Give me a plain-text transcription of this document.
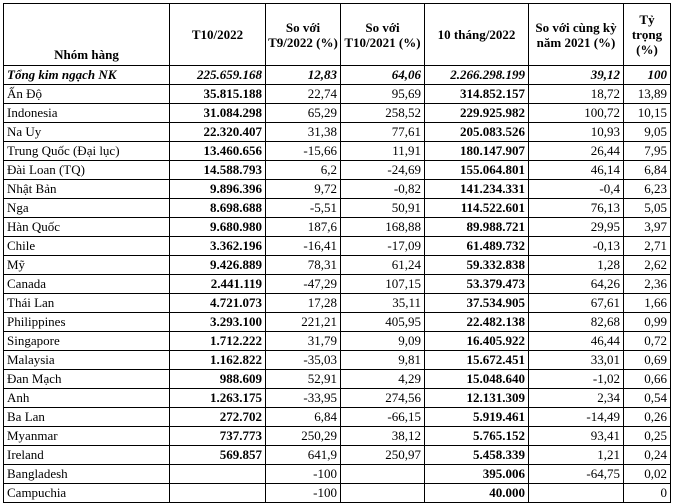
Nhóm hàng	T10/2022	So với T9/2022 (%)	So với T10/2021 (%)	10 tháng/2022	So với cùng kỳ năm 2021 (%)	Tỷ trọng (%)
Tổng kim ngạch NK	225.659.168	12,83	64,06	2.266.298.199	39,12	100
Ấn Độ	35.815.188	22,74	95,69	314.852.157	18,72	13,89
Indonesia	31.084.298	65,29	258,52	229.925.982	100,72	10,15
Na Uy	22.320.407	31,38	77,61	205.083.526	10,93	9,05
Trung Quốc (Đại lục)	13.460.656	-15,66	11,91	180.147.907	26,44	7,95
Đài Loan (TQ)	14.588.793	6,2	-24,69	155.064.801	46,14	6,84
Nhật Bản	9.896.396	9,72	-0,82	141.234.331	-0,4	6,23
Nga	8.698.688	-5,51	50,91	114.522.601	76,13	5,05
Hàn Quốc	9.680.980	187,6	168,88	89.988.721	29,95	3,97
Chile	3.362.196	-16,41	-17,09	61.489.732	-0,13	2,71
Mỹ	9.426.889	78,31	61,24	59.332.838	1,28	2,62
Canada	2.441.119	-47,29	107,15	53.379.473	64,26	2,36
Thái Lan	4.721.073	17,28	35,11	37.534.905	67,61	1,66
Philippines	3.293.100	221,21	405,95	22.482.138	82,68	0,99
Singapore	1.712.222	31,79	9,09	16.405.922	46,44	0,72
Malaysia	1.162.822	-35,03	9,81	15.672.451	33,01	0,69
Đan Mạch	988.609	52,91	4,29	15.048.640	-1,02	0,66
Anh	1.263.175	-33,95	274,56	12.131.309	2,34	0,54
Ba Lan	272.702	6,84	-66,15	5.919.461	-14,49	0,26
Myanmar	737.773	250,29	38,12	5.765.152	93,41	0,25
Ireland	569.857	641,9	250,97	5.458.339	1,21	0,24
Bangladesh		-100		395.006	-64,75	0,02
Campuchia		-100		40.000		0
